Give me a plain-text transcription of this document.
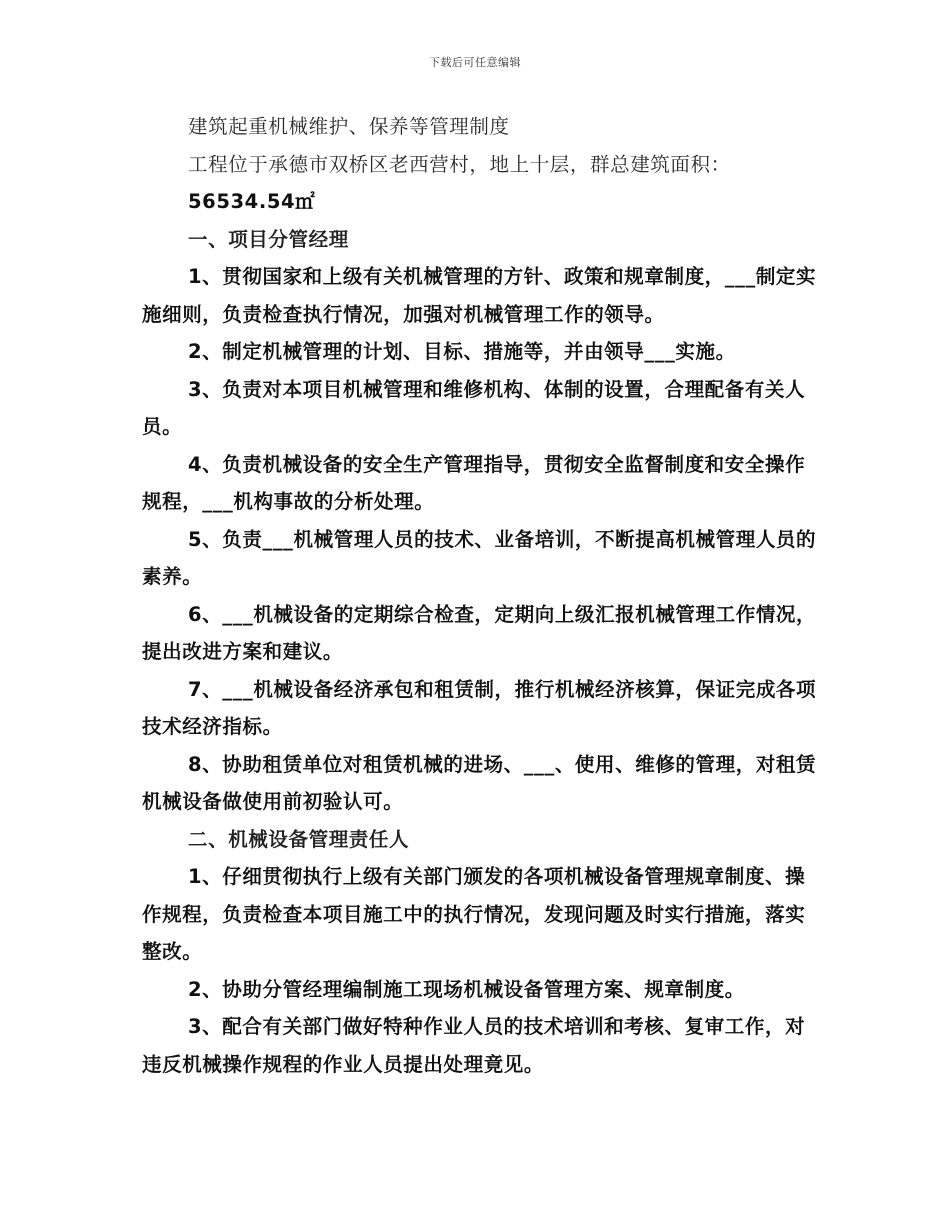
下载后可任意编辑

建筑起重机械维护、保养等管理制度

工程位于承德市双桥区老西营村，地上十层，群总建筑面积：

56534.54㎡

一、项目分管经理

1、贯彻国家和上级有关机械管理的方针、政策和规章制度，___制定实施细则，负责检查执行情况，加强对机械管理工作的领导。

2、制定机械管理的计划、目标、措施等，并由领导___实施。

3、负责对本项目机械管理和维修机构、体制的设置，合理配备有关人员。

4、负责机械设备的安全生产管理指导，贯彻安全监督制度和安全操作规程，___机构事故的分析处理。

5、负责___机械管理人员的技术、业备培训，不断提高机械管理人员的素养。

6、___机械设备的定期综合检查，定期向上级汇报机械管理工作情况，提出改进方案和建议。

7、___机械设备经济承包和租赁制，推行机械经济核算，保证完成各项技术经济指标。

8、协助租赁单位对租赁机械的进场、___、使用、维修的管理，对租赁机械设备做使用前初验认可。

二、机械设备管理责任人

1、仔细贯彻执行上级有关部门颁发的各项机械设备管理规章制度、操作规程，负责检查本项目施工中的执行情况，发现问题及时实行措施，落实整改。

2、协助分管经理编制施工现场机械设备管理方案、规章制度。

3、配合有关部门做好特种作业人员的技术培训和考核、复审工作，对违反机械操作规程的作业人员提出处理竟见。
